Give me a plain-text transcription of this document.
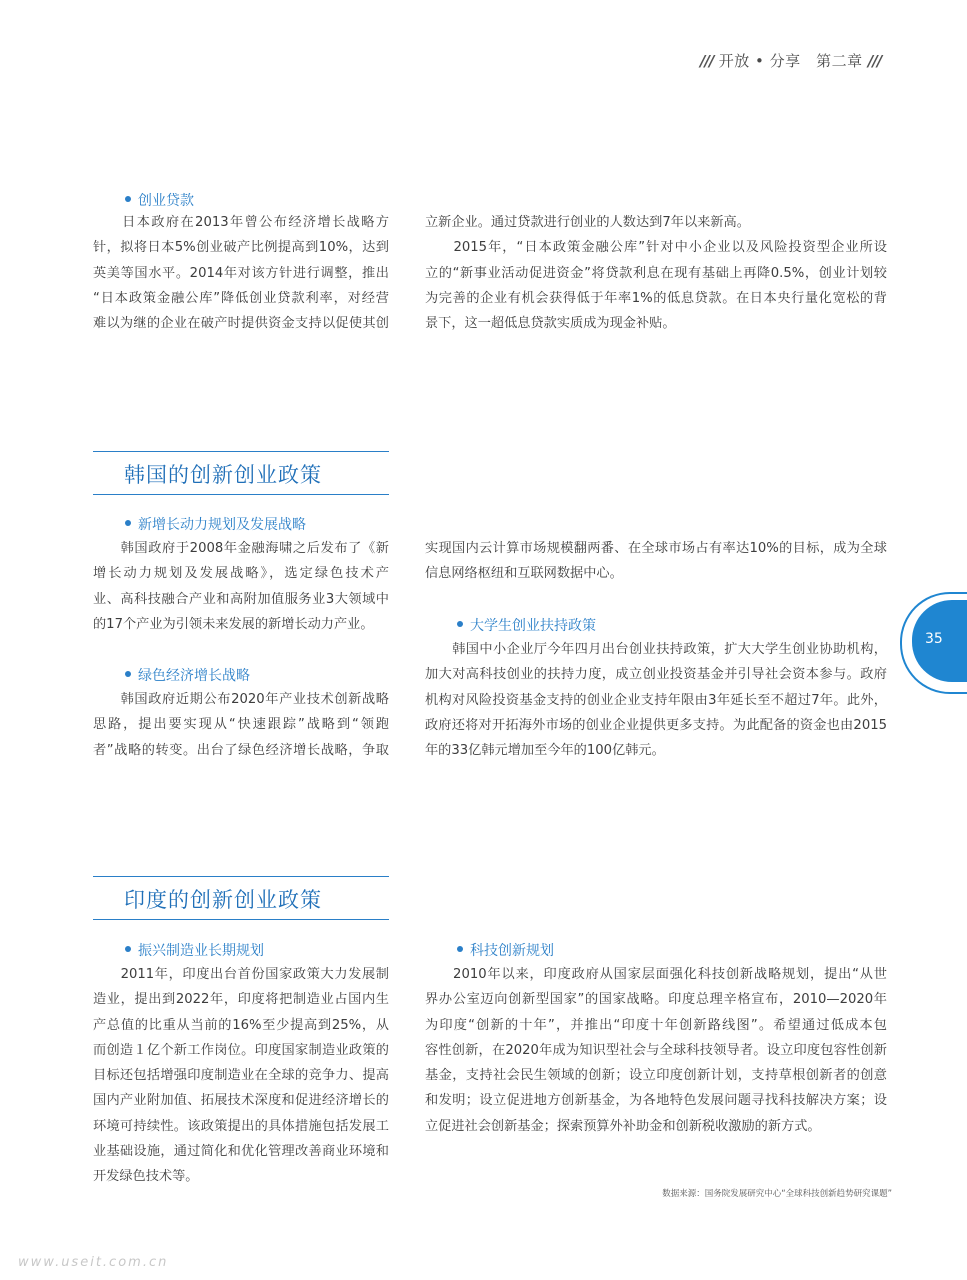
/// 开放 • 分享　第二章 ///
创业贷款

　　日本政府在2013年曾公布经济增长战略方

针，拟将日本5%创业破产比例提高到10%，达到

英美等国水平。2014年对该方针进行调整，推出

“日本政策金融公库”降低创业贷款利率，对经营

难以为继的企业在破产时提供资金支持以促使其创

立新企业。通过贷款进行创业的人数达到7年以来新高。

　　2015年，“日本政策金融公库”针对中小企业以及风险投资型企业所设

立的“新事业活动促进资金”将贷款利息在现有基础上再降0.5%，创业计划较

为完善的企业有机会获得低于年率1%的低息贷款。在日本央行量化宽松的背

景下，这一超低息贷款实质成为现金补贴。

韩国的创新创业政策
新增长动力规划及发展战略

　　韩国政府于2008年金融海啸之后发布了《新

增长动力规划及发展战略》，选定绿色技术产

业、高科技融合产业和高附加值服务业3大领域中

的17个产业为引领未来发展的新增长动力产业。

实现国内云计算市场规模翻两番、在全球市场占有率达10%的目标，成为全球

信息网络枢纽和互联网数据中心。

绿色经济增长战略

　　韩国政府近期公布2020年产业技术创新战略

思路，提出要实现从“快速跟踪”战略到“领跑

者”战略的转变。出台了绿色经济增长战略，争取

大学生创业扶持政策

　　韩国中小企业厅今年四月出台创业扶持政策，扩大大学生创业协助机构，

加大对高科技创业的扶持力度，成立创业投资基金并引导社会资本参与。政府

机构对风险投资基金支持的创业企业支持年限由3年延长至不超过7年。此外，

政府还将对开拓海外市场的创业企业提供更多支持。为此配备的资金也由2015

年的33亿韩元增加至今年的100亿韩元。

35
印度的创新创业政策
振兴制造业长期规划

　　2011年，印度出台首份国家政策大力发展制

造业，提出到2022年，印度将把制造业占国内生

产总值的比重从当前的16%至少提高到25%，从

而创造１亿个新工作岗位。印度国家制造业政策的

目标还包括增强印度制造业在全球的竞争力、提高

国内产业附加值、拓展技术深度和促进经济增长的

环境可持续性。该政策提出的具体措施包括发展工

业基础设施，通过简化和优化管理改善商业环境和

开发绿色技术等。

科技创新规划

　　2010年以来，印度政府从国家层面强化科技创新战略规划，提出“从世

界办公室迈向创新型国家”的国家战略。印度总理辛格宣布，2010—2020年

为印度“创新的十年”，并推出“印度十年创新路线图”。希望通过低成本包

容性创新，在2020年成为知识型社会与全球科技领导者。设立印度包容性创新

基金，支持社会民生领域的创新；设立印度创新计划，支持草根创新者的创意

和发明；设立促进地方创新基金，为各地特色发展问题寻找科技解决方案；设

立促进社会创新基金；探索预算外补助金和创新税收激励的新方式。

数据来源：国务院发展研究中心“全球科技创新趋势研究课题”
www.useit.com.cn
